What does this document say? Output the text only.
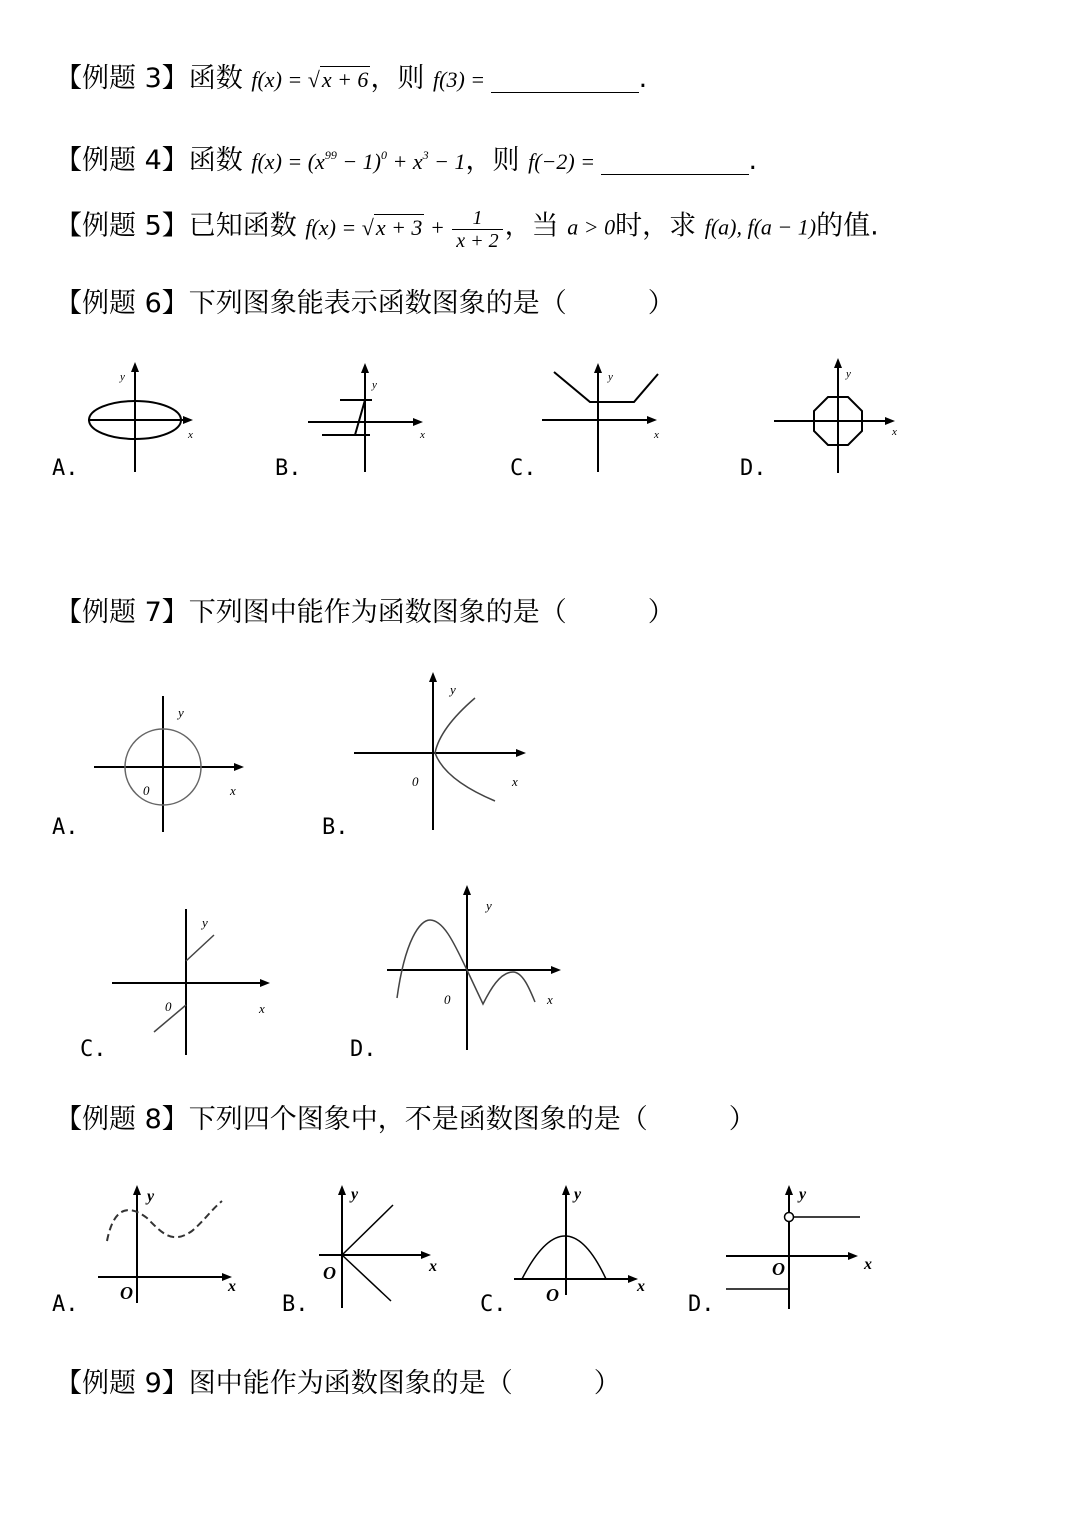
【例题 3】函数 f(x) = √x + 6，则 f(3) =	.
【例题 4】函数 $f(x) = (x^{99} - 1)^0 + x^3 - 1$，则 f(−2) =	.
【例题 5】已知函数 $f(x) = √x + 3 + \frac{1}{x + 2}$ ，当 a > 0时，求 f(a), f(a − 1)的值.
【例题 6】下列图象能表示函数图象的是（　　　）
A.
y
x
B.
y
x
C.
y
x
D.
y
x
【例题 7】下列图中能作为函数图象的是（　　　）
A.
y
0	x
B.
y
0	x
C.
y
0	x
D.
y
0	x
【例题 8】下列四个图象中，不是函数图象的是（　　　）
A.
y
O	x
B.
y
O	x
C.
y
O	x
D.
y
O	x
【例题 9】图中能作为函数图象的是（　　　）
